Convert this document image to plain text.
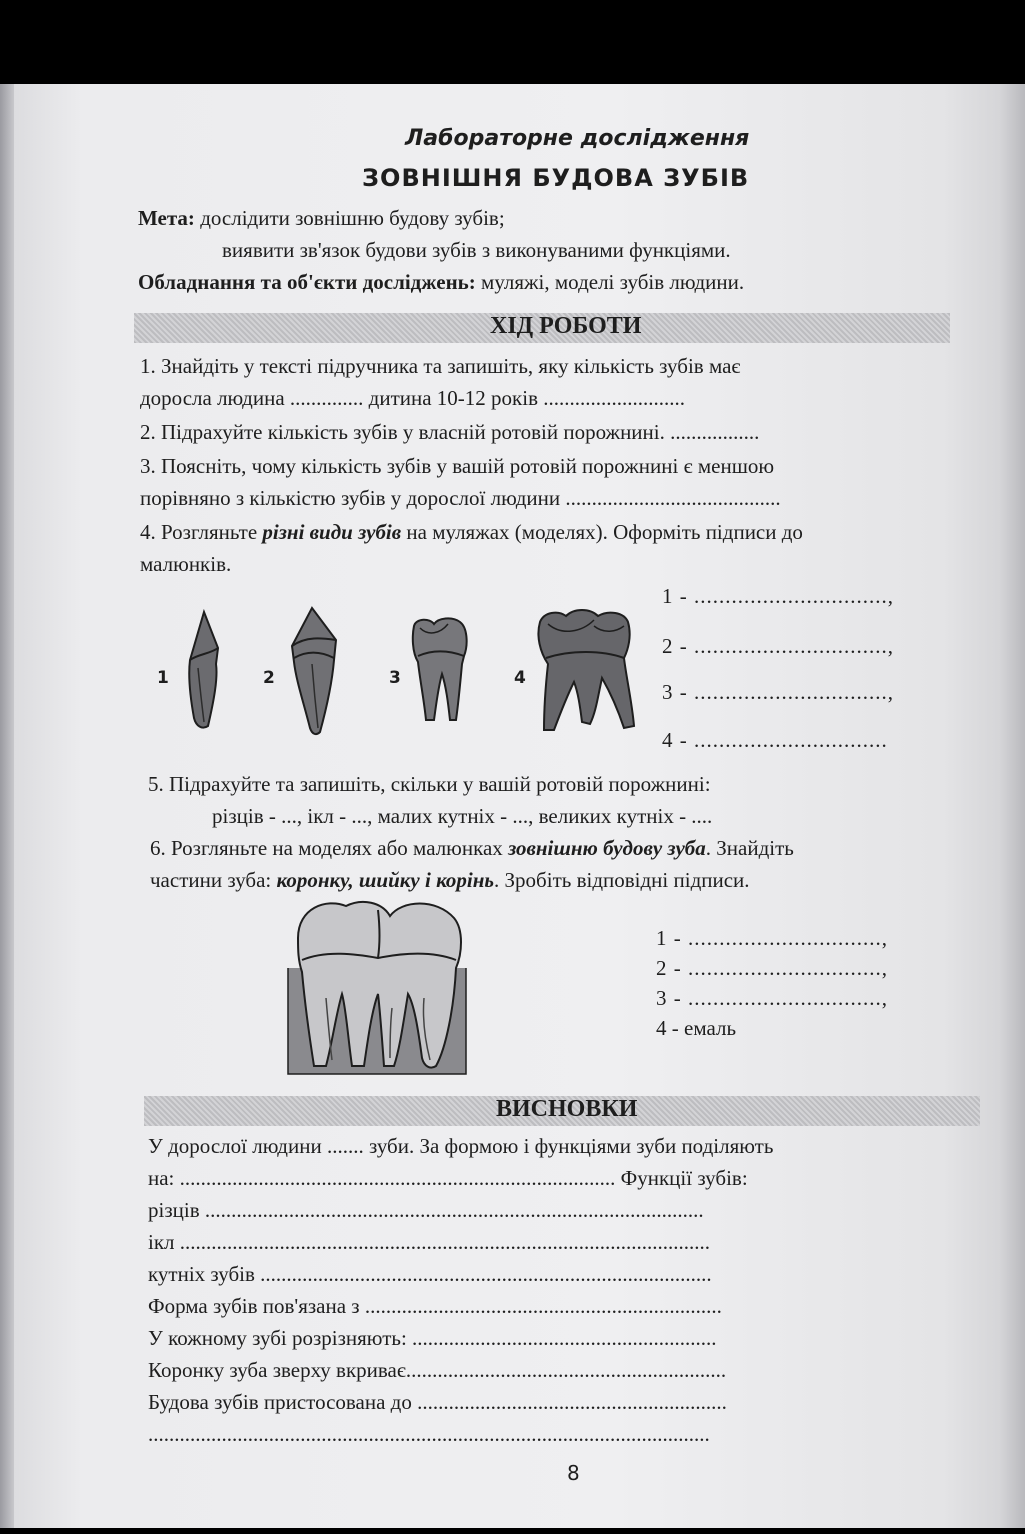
Лабораторне дослідження
ЗОВНІШНЯ БУДОВА ЗУБІВ
Мета: дослідити зовнішню будову зубів;
виявити зв'язок будови зубів з виконуваними функціями.
Обладнання та об'єкти досліджень: муляжі, моделі зубів людини.
ХІД РОБОТИ
1. Знайдіть у тексті підручника та запишіть, яку кількість зубів має
доросла людина .............. дитина 10-12 років ...........................
2. Підрахуйте кількість зубів у власній ротовій порожнині. .................
3. Поясніть, чому кількість зубів у вашій ротовій порожнині є меншою
порівняно з кількістю зубів у дорослої людини .........................................
4. Розгляньте різні види зубів на муляжах (моделях). Оформіть підписи до
малюнків.
1	2	3	4
1 - ...............................,
2 - ...............................,
3 - ...............................,
4 - ...............................
5. Підрахуйте та запишіть, скільки у вашій ротовій порожнині:
різців - ..., ікл - ..., малих кутніх - ..., великих кутніх - ....
6. Розгляньте на моделях або малюнках зовнішню будову зуба. Знайдіть
частини зуба: коронку, шийку і корінь. Зробіть відповідні підписи.
1 - ...............................,
2 - ...............................,
3 - ...............................,
4 - емаль
ВИСНОВКИ
У дорослої людини ....... зуби. За формою і функціями зуби поділяють
на: ................................................................................... Функції зубів:
різців ...............................................................................................
ікл .....................................................................................................
кутніх зубів ......................................................................................
Форма зубів пов'язана з ....................................................................
У кожному зубі розрізняють: ..........................................................
Коронку зуба зверху вкриває.............................................................
Будова зубів пристосована до ...........................................................
...........................................................................................................
8
